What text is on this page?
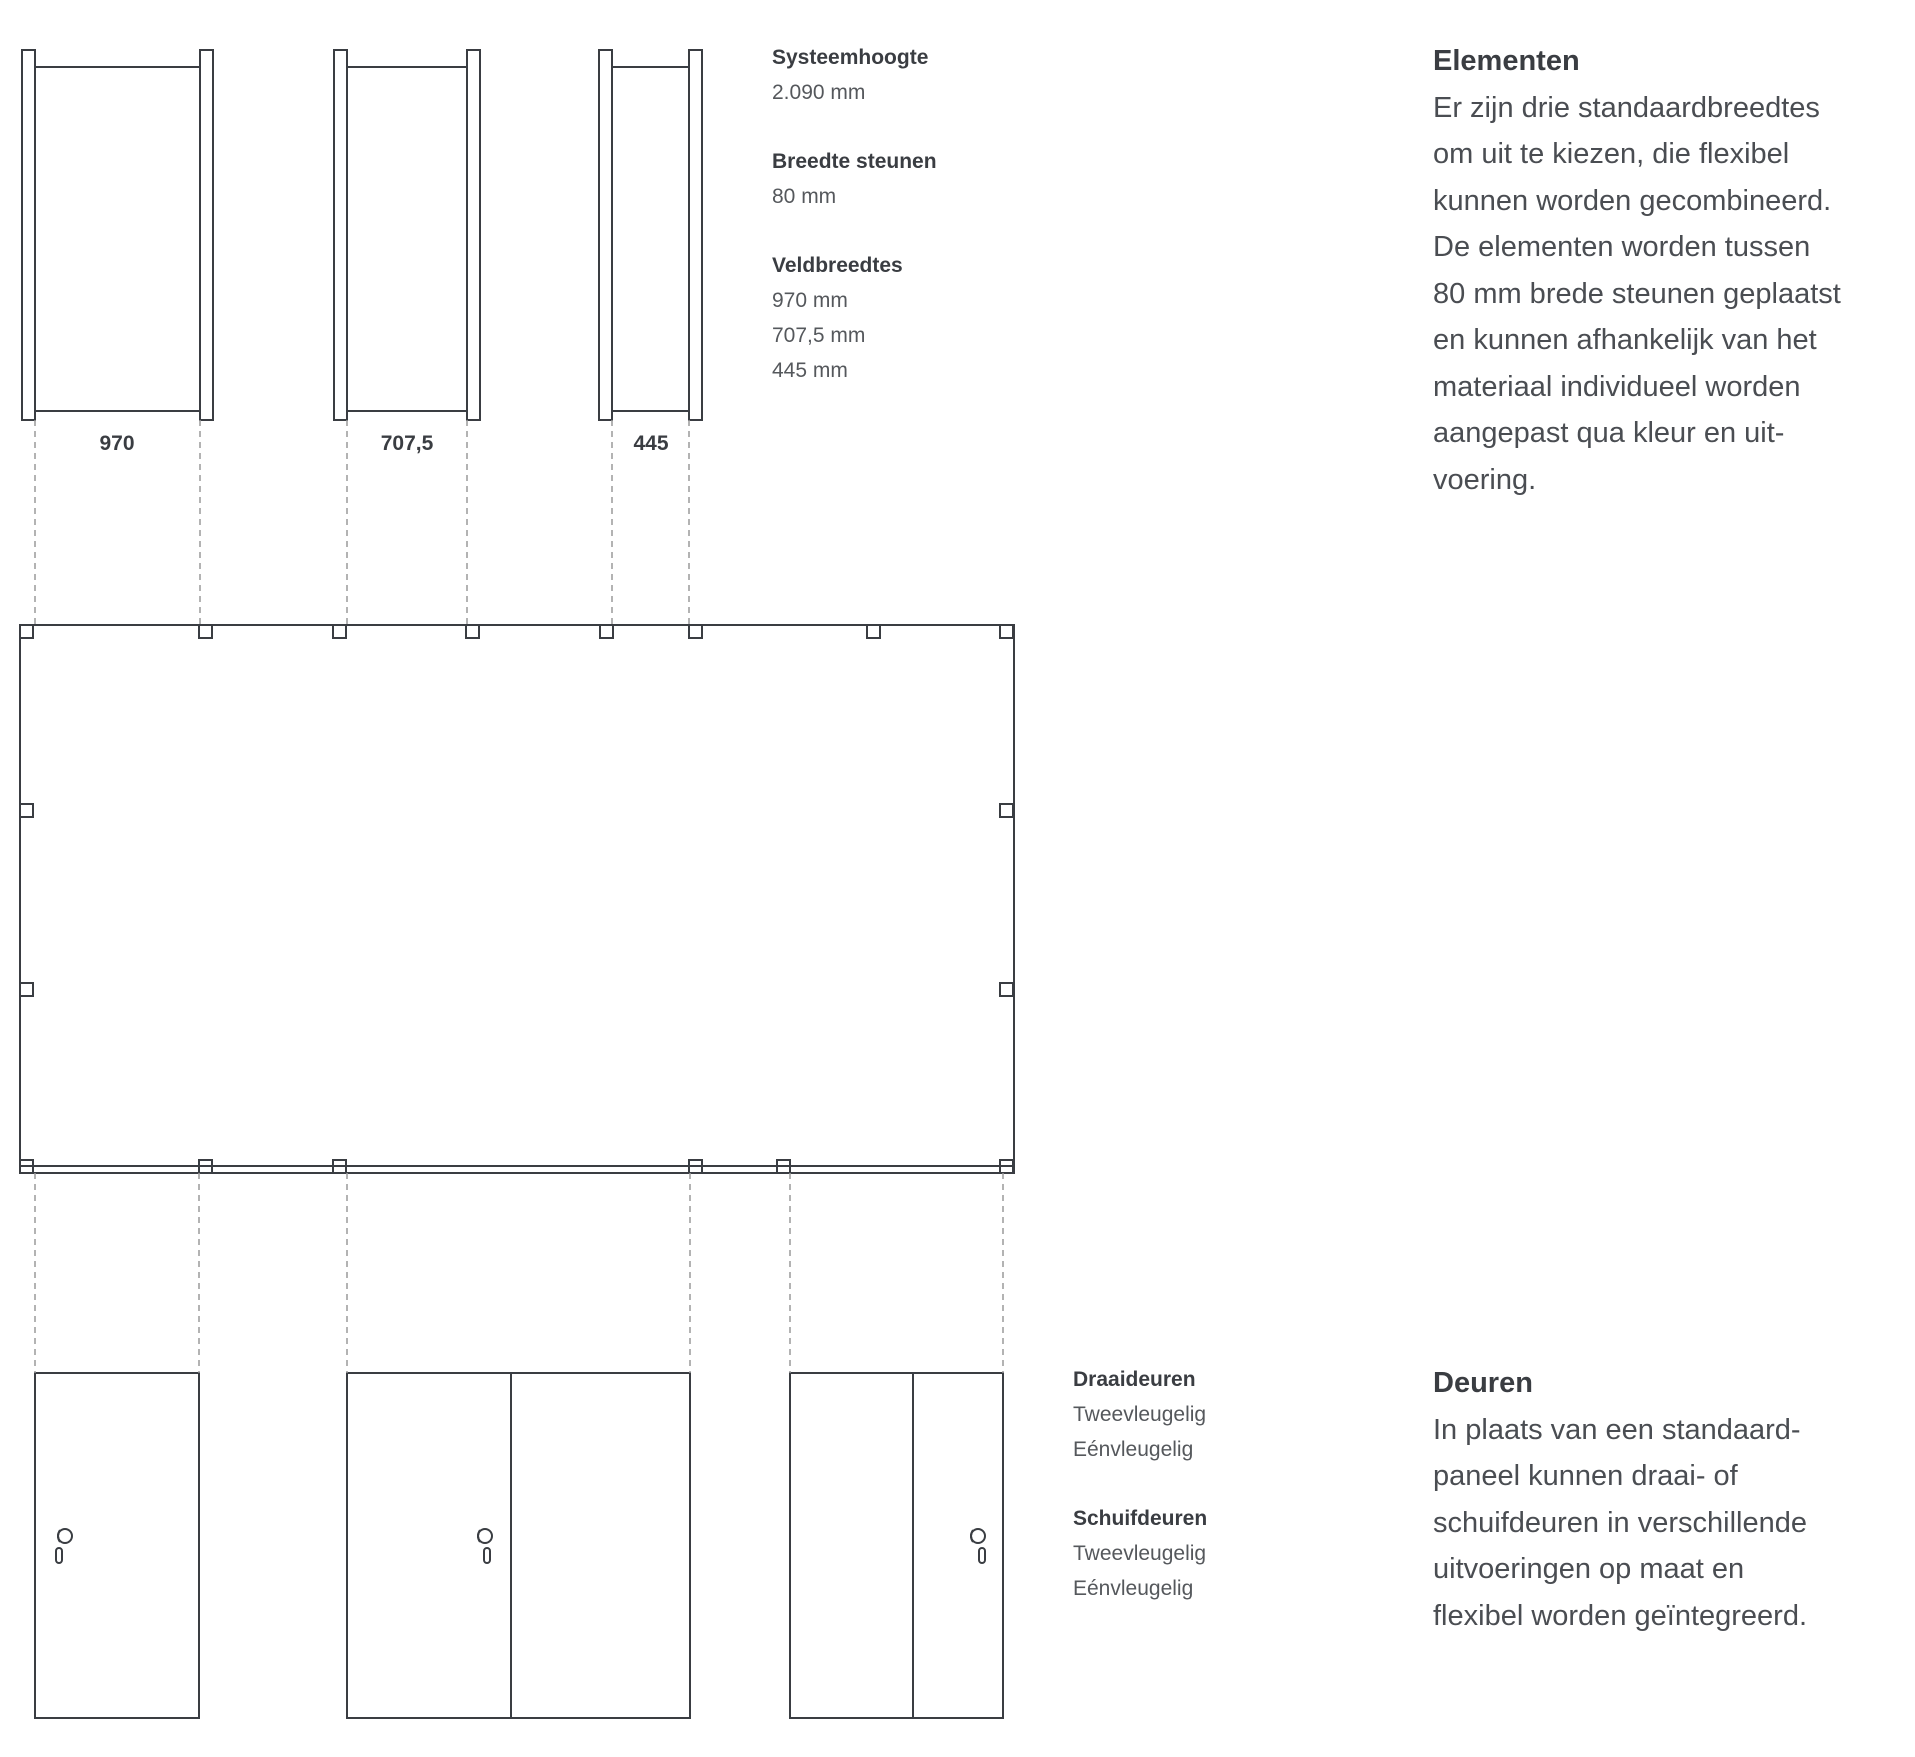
970	707,5	445
Systeemhoogte
2.090 mm
Breedte steunen
80 mm
Veldbreedtes
970 mm
707,5 mm
445 mm
Elementen

Er zijn drie standaardbreedtes
om uit te kiezen, die flexibel
kunnen worden gecombineerd.
De elementen worden tussen
80 mm brede steunen geplaatst
en kunnen afhankelijk van het
materiaal individueel worden
aangepast qua kleur en uit-
voering.

Draaideuren
Tweevleugelig
Eénvleugelig
Schuifdeuren
Tweevleugelig
Eénvleugelig
Deuren

In plaats van een standaard-
paneel kunnen draai- of
schuifdeuren in verschillende
uitvoeringen op maat en
flexibel worden geïntegreerd.
